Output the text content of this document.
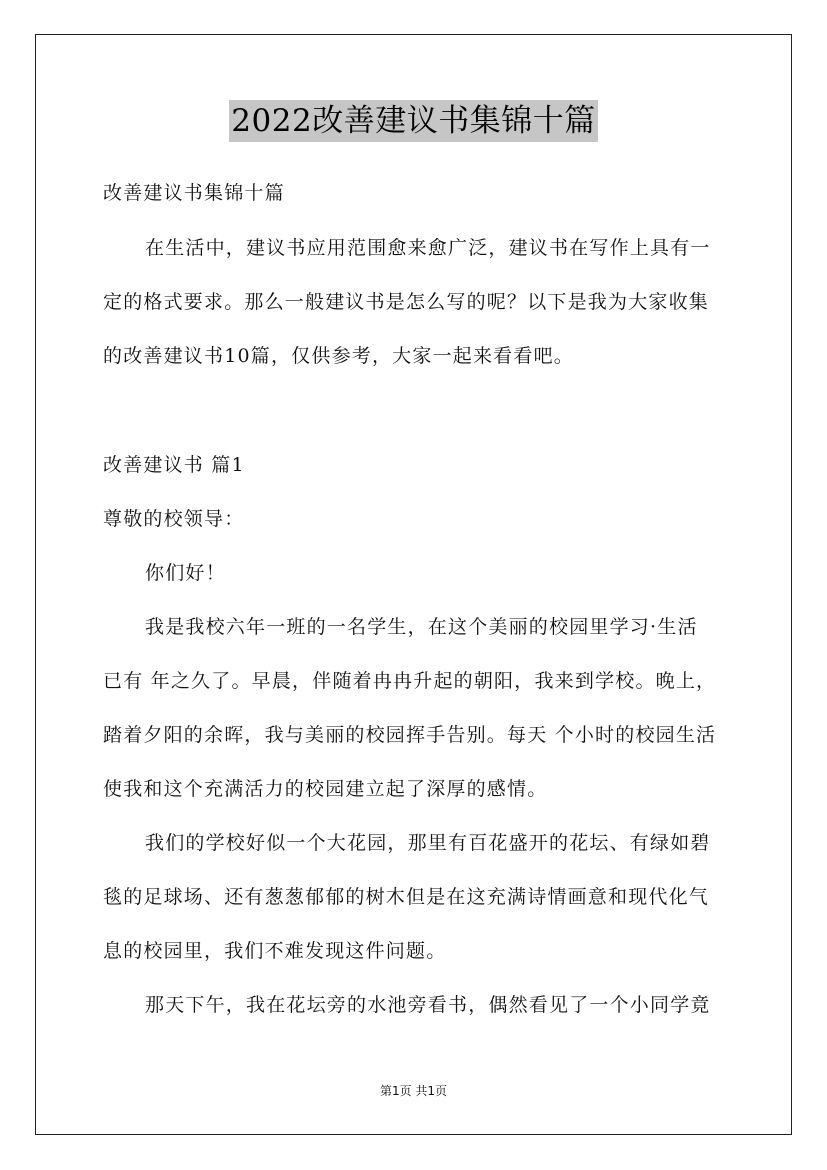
2022改善建议书集锦十篇
改善建议书集锦十篇
在生活中，建议书应用范围愈来愈广泛，建议书在写作上具有一
定的格式要求。那么一般建议书是怎么写的呢？以下是我为大家收集
的改善建议书10篇，仅供参考，大家一起来看看吧。
改善建议书 篇1
尊敬的校领导：
你们好！
我是我校六年一班的一名学生，在这个美丽的校园里学习·生活
已有 年之久了。早晨，伴随着冉冉升起的朝阳，我来到学校。晚上，
踏着夕阳的余晖，我与美丽的校园挥手告别。每天 个小时的校园生活
使我和这个充满活力的校园建立起了深厚的感情。
我们的学校好似一个大花园，那里有百花盛开的花坛、有绿如碧
毯的足球场、还有葱葱郁郁的树木但是在这充满诗情画意和现代化气
息的校园里，我们不难发现这件问题。
那天下午，我在花坛旁的水池旁看书，偶然看见了一个小同学竟
第1页 共1页
